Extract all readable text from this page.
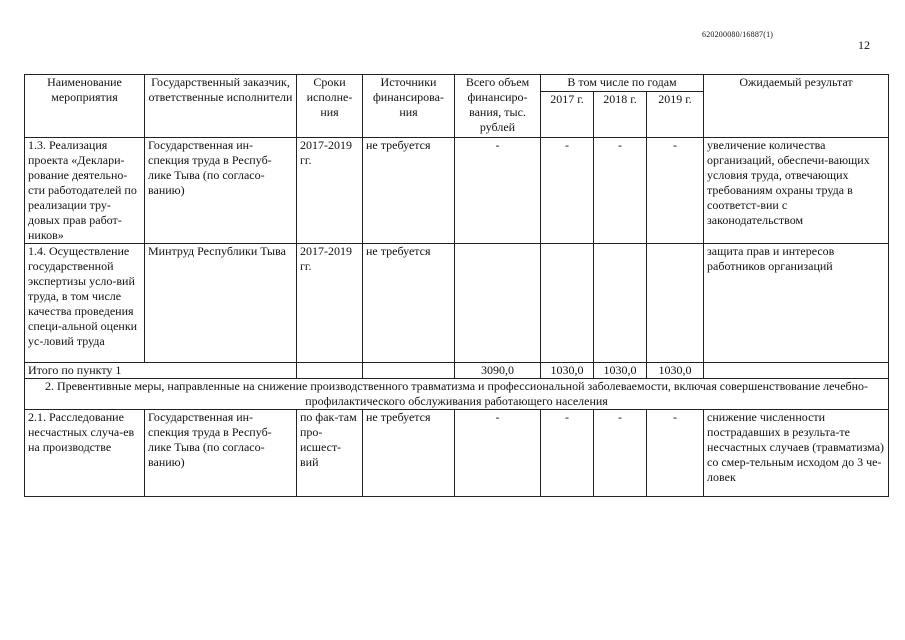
620200080/16887(1)
12
Наименование мероприятия	Государственный заказчик, ответственные исполнители	Сроки исполне-ния	Источники финансирова-ния	Всего объем финансиро-вания, тыс. рублей	В том числе по годам			Ожидаемый результат
					2017 г.	2018 г.	2019 г.	
1.3. Реализация проекта «Деклари-рование деятельно-сти работодателей по реализации тру-довых прав работ-ников»	Государственная ин-спекция труда в Респуб-лике Тыва (по согласо-ванию)	2017-2019 гг.	не требуется	-	-	-	-	увеличение количества организаций, обеспечи-вающих условия труда, отвечающих требованиям охраны труда в соответст-вии с законодательством
1.4. Осуществление государственной экспертизы усло-вий труда, в том числе качества проведения специ-альной оценки ус-ловий труда	Минтруд Республики Тыва	2017-2019 гг.	не требуется					защита прав и интересов работников организаций
Итого по пункту 1				3090,0	1030,0	1030,0	1030,0	
2. Превентивные меры, направленные на снижение производственного травматизма и профессиональной заболеваемости, включая совершенствование лечебно-профилактического обслуживания работающего населения								
2.1. Расследование несчастных случа-ев на производстве	Государственная ин-спекция труда в Респуб-лике Тыва (по согласо-ванию)	по фак-там про-исшест-вий	не требуется	-	-	-	-	снижение численности пострадавших в результа-те несчастных случаев (травматизма) со смер-тельным исходом до 3 че-ловек
